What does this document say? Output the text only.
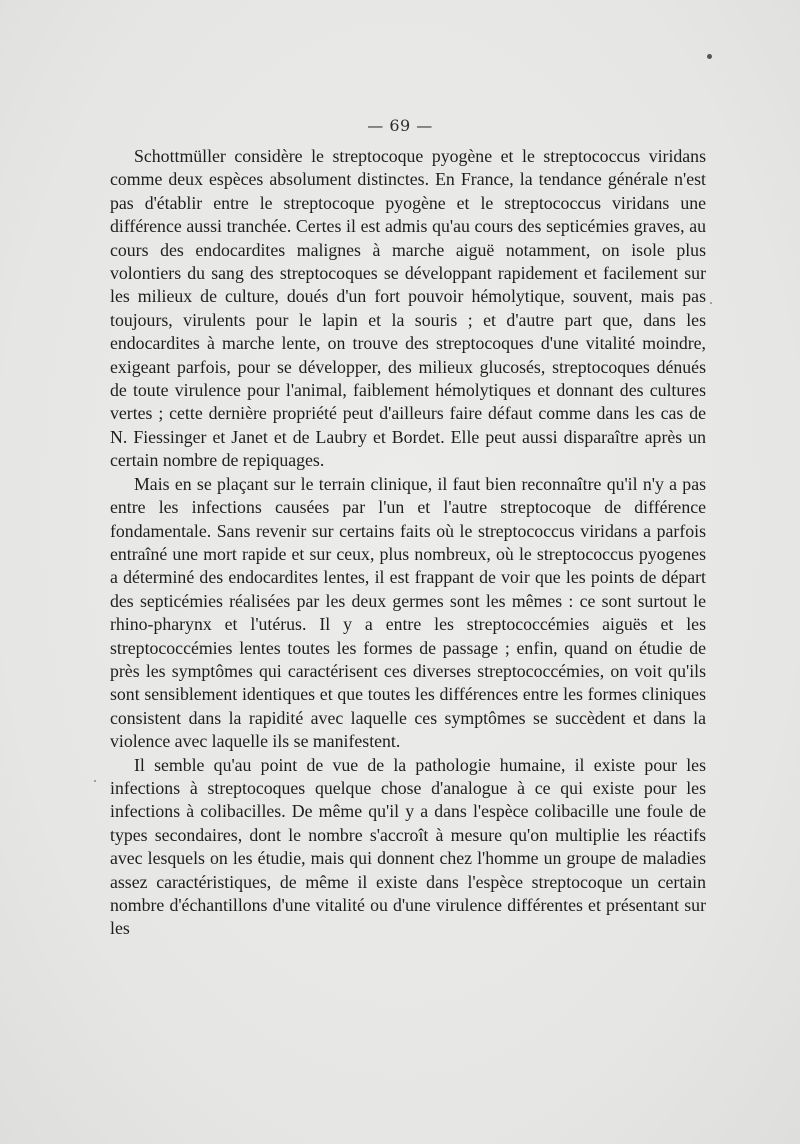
— 69 —

Schottmüller considère le streptocoque pyogène et le streptococcus viridans comme deux espèces absolument distinctes. En France, la tendance générale n'est pas d'établir entre le streptocoque pyogène et le streptococcus viridans une différence aussi tranchée. Certes il est admis qu'au cours des septicémies graves, au cours des endocardites malignes à marche aiguë notamment, on isole plus volontiers du sang des streptocoques se développant rapidement et facilement sur les milieux de culture, doués d'un fort pouvoir hémolytique, souvent, mais pas toujours, virulents pour le lapin et la souris ; et d'autre part que, dans les endocardites à marche lente, on trouve des streptocoques d'une vitalité moindre, exigeant parfois, pour se développer, des milieux glucosés, streptocoques dénués de toute virulence pour l'animal, faiblement hémolytiques et donnant des cultures vertes ; cette dernière propriété peut d'ailleurs faire défaut comme dans les cas de N. Fiessinger et Janet et de Laubry et Bordet. Elle peut aussi disparaître après un certain nombre de repiquages.

Mais en se plaçant sur le terrain clinique, il faut bien reconnaître qu'il n'y a pas entre les infections causées par l'un et l'autre streptocoque de différence fondamentale. Sans revenir sur certains faits où le streptococcus viridans a parfois entraîné une mort rapide et sur ceux, plus nombreux, où le streptococcus pyogenes a déterminé des endocardites lentes, il est frappant de voir que les points de départ des septicémies réalisées par les deux germes sont les mêmes : ce sont surtout le rhino-pharynx et l'utérus. Il y a entre les streptococcémies aiguës et les streptococcémies lentes toutes les formes de passage ; enfin, quand on étudie de près les symptômes qui caractérisent ces diverses streptococcémies, on voit qu'ils sont sensiblement identiques et que toutes les différences entre les formes cliniques consistent dans la rapidité avec laquelle ces symptômes se succèdent et dans la violence avec laquelle ils se manifestent.

Il semble qu'au point de vue de la pathologie humaine, il existe pour les infections à streptocoques quelque chose d'analogue à ce qui existe pour les infections à colibacilles. De même qu'il y a dans l'espèce colibacille une foule de types secondaires, dont le nombre s'accroît à mesure qu'on multiplie les réactifs avec lesquels on les étudie, mais qui donnent chez l'homme un groupe de maladies assez caractéristiques, de même il existe dans l'espèce streptocoque un certain nombre d'échantillons d'une vitalité ou d'une virulence différentes et présentant sur les
